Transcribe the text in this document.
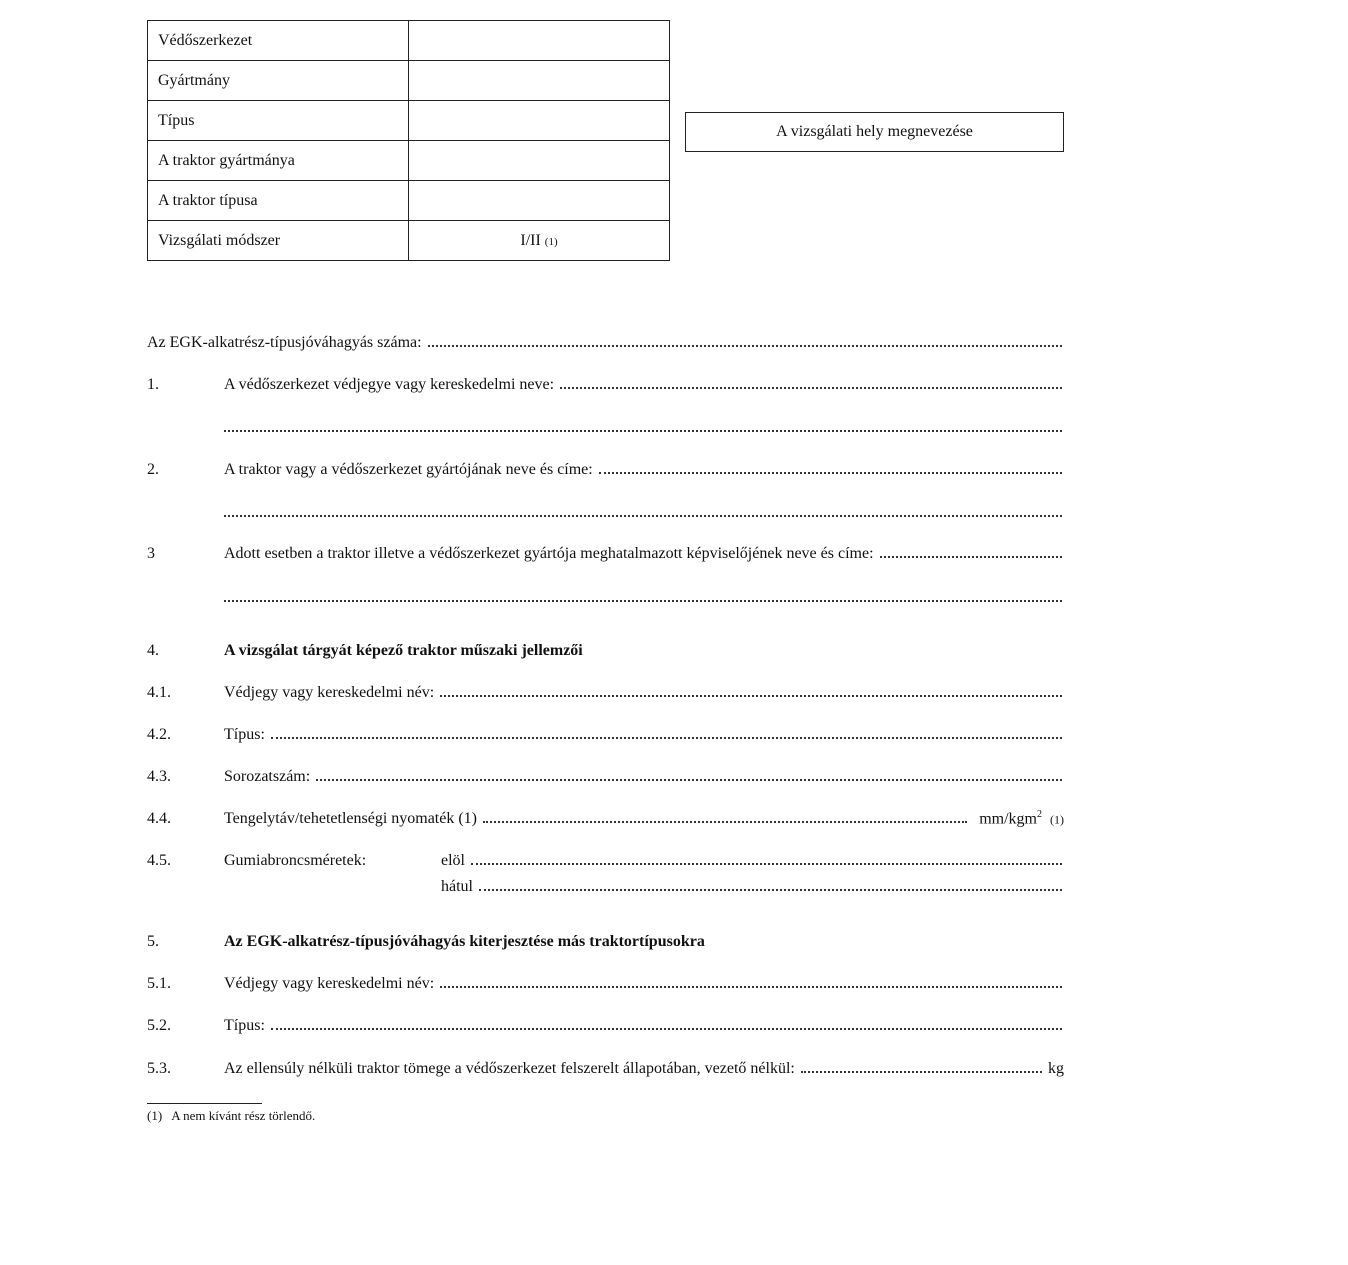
Védőszerkezet	
Gyártmány	
Típus	
A traktor gyártmánya	
A traktor típusa	
Vizsgálati módszer	I/II (1)
A vizsgálati hely megnevezése
Az EGK-alkatrész-típusjóváhagyás száma:
1.	A védőszerkezet védjegye vagy kereskedelmi neve:
2.	A traktor vagy a védőszerkezet gyártójának neve és címe:
3	Adott esetben a traktor illetve a védőszerkezet gyártója meghatalmazott képviselőjének neve és címe:
4.	A vizsgálat tárgyát képező traktor műszaki jellemzői
4.1.	Védjegy vagy kereskedelmi név:
4.2.	Típus:
4.3.	Sorozatszám:
4.4.	Tengelytáv/tehetetlenségi nyomaték (1)	mm/kgm$^2$ (1)
4.5.	Gumiabroncsméretek:	elöl
hátul
5.	Az EGK-alkatrész-típusjóváhagyás kiterjesztése más traktortípusokra
5.1.	Védjegy vagy kereskedelmi név:
5.2.	Típus:
5.3.	Az ellensúly nélküli traktor tömege a védőszerkezet felszerelt állapotában, vezető nélkül:	kg
(1) A nem kívánt rész törlendő.
